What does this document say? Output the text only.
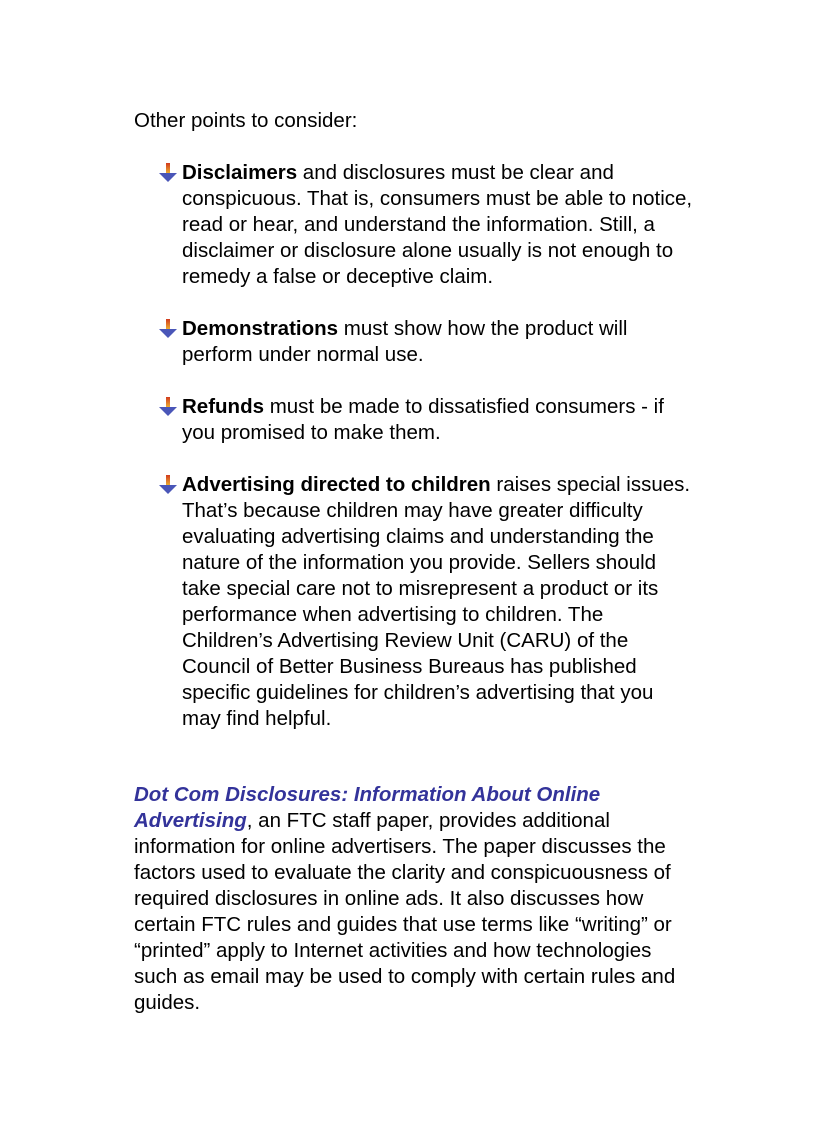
Other points to consider:

Disclaimers and disclosures must be clear and conspicuous. That is, consumers must be able to notice, read or hear, and understand the information. Still, a disclaimer or disclosure alone usually is not enough to remedy a false or deceptive claim.
Demonstrations must show how the product will perform under normal use.
Refunds must be made to dissatisfied consumers - if you promised to make them.
Advertising directed to children raises special issues. That’s because children may have greater difficulty evaluating advertising claims and understanding the nature of the information you provide. Sellers should take special care not to misrepresent a product or its performance when advertising to children. The Children’s Advertising Review Unit (CARU) of the Council of Better Business Bureaus has published specific guidelines for children’s advertising that you may find helpful.

Dot Com Disclosures: Information About Online Advertising, an FTC staff paper, provides additional information for online advertisers. The paper discusses the factors used to evaluate the clarity and conspicuousness of required disclosures in online ads. It also discusses how certain FTC rules and guides that use terms like “writing” or “printed” apply to Internet activities and how technologies such as email may be used to comply with certain rules and guides.
